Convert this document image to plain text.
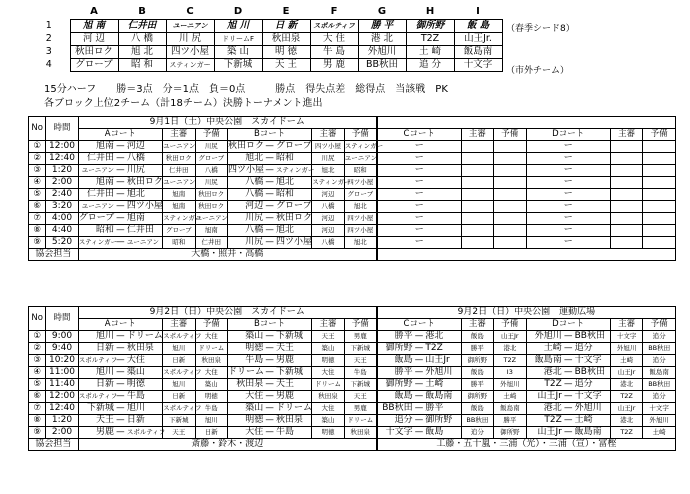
	A	B	C	D	E	F	G	H	I
1	旭 南	仁井田	ユーニアン	旭 川	日 新	スポルティフ	勝 平	御所野	飯 島
2	河 辺	八 橋	川 尻	ドリームF	秋田泉	大 住	港 北	T2Z	山王Jr.
3	秋田ロク	旭 北	四ツ小屋	築 山	明 徳	牛 島	外旭川	土 崎	飯島南
4	グローブ	昭 和	スティンガー	下新城	天 王	男 鹿	BB秋田	追 分	十文字
（春季シード8）
（市外チーム）
15分ハーフ　　勝＝3点　分＝1点　負＝0点　　　勝点　得失点差　総得点　当該戦　PK
各ブロック上位2チーム（計18チーム）決勝トーナメント進出
No	時間	9月1日（土）中央公園　スカイドーム															
		Aコート			主審	予備	Bコート			主審	予備	Cコート	主審	予備	Dコート	主審	予備
①	12:00	旭南	—	河辺	ユーニアン	川尻	秋田ロク	—	グローブ	四ツ小屋	スティンガー	ー			ー		
②	12:40	仁井田	—	八橋	秋田ロク	グローブ	旭北	—	昭和	川尻	ユーニアン	ー			ー		
③	1:20	ユーニアン	—	川尻	仁井田	八橋	四ツ小屋	—	スティンガー	旭北	昭和	ー			ー		
④	2:00	旭南	—	秋田ロク	ユーニアン	川尻	八橋	—	旭北	スティンガー	四ツ小屋	ー			ー		
⑤	2:40	仁井田	—	旭北	旭南	秋田ロク	八橋	—	昭和	河辺	グローブ	ー			ー		
⑥	3:20	ユーニアン	—	四ツ小屋	旭南	秋田ロク	河辺	—	グローブ	八橋	旭北	ー			ー		
⑦	4:00	グローブ	—	旭南	スティンガー	ユーニアン	川尻	—	秋田ロク	河辺	四ツ小屋	ー			ー		
⑧	4:40	昭和	—	仁井田	グローブ	旭南	八橋	—	旭北	河辺	四ツ小屋	ー			ー		
⑨	5:20	スティンガー	—	ユーニアン	昭和	仁井田	川尻	—	四ツ小屋	八橋	旭北	ー			ー		
協会担当		大橋・照井・高橋															
No	時間	9月2日（日）中央公園　スカイドーム										9月2日（日）中央公園　運動広場									
		Aコート			主審	予備	Bコート			主審	予備	Cコート			主審	予備	Dコート			主審	予備
①	9:00	旭川	—	ドリーム	スポルティフ	大住	築山	—	下新城	天王	男鹿	勝平	—	港北	飯島	山王Jr	外旭川	—	BB秋田	十文字	追分
②	9:40	日新	—	秋田泉	旭川	ドリーム	明徳	—	天王	築山	下新城	御所野	—	T2Z	勝平	港北	土崎	—	追分	外旭川	BB秋田
③	10:20	スポルティフ	—	大住	日新	秋田泉	牛島	—	男鹿	明徳	天王	飯島	—	山王Jr	御所野	T2Z	飯島南	—	十文字	土崎	追分
④	11:00	旭川	—	築山	スポルティフ	大住	ドリーム	—	下新城	大住	牛島	勝平	—	外旭川	飯島	I3	港北	—	BB秋田	山王Jr	飯島南
⑤	11:40	日新	—	明徳	旭川	築山	秋田泉	—	天王	ドリーム	下新城	御所野	—	土崎	勝平	外旭川	T2Z	—	追分	港北	BB秋田
⑥	12:00	スポルティフ	—	牛島	日新	明徳	大住	—	男鹿	秋田泉	天王	飯島	—	飯島南	御所野	土崎	山王Jr	—	十文字	T2Z	追分
⑦	12:40	下新城	—	旭川	スポルティフ	牛島	築山	—	ドリーム	大住	男鹿	BB秋田	—	勝平	飯島	飯島南	港北	—	外旭川	山王Jr	十文字
⑧	1:20	天王	—	日新	下新城	旭川	明徳	—	秋田泉	築山	ドリーム	追分	—	御所野	BB秋田	勝平	T2Z	—	土崎	港北	外旭川
⑨	2:00	男鹿	—	スポルティフ	天王	日新	大住	—	牛島	明徳	秋田泉	十文字	—	飯島	追分	御所野	山王Jr	—	飯島南	T2Z	土崎
協会担当		斎藤・鈴木・渡辺										工藤・五十嵐・三浦（光）・三浦（宣）・富樫									
